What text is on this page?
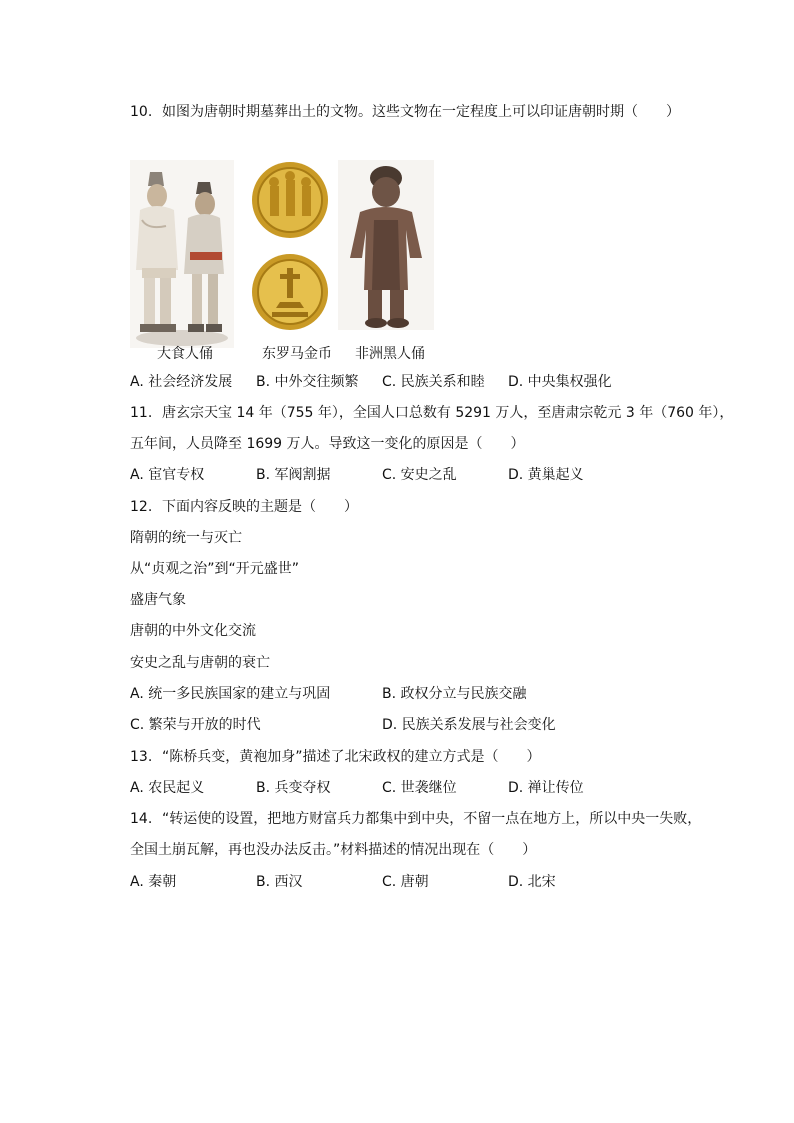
10. 如图为唐朝时期墓葬出土的文物。这些文物在一定程度上可以印证唐朝时期（　　）
大食人俑	东罗马金币 非洲黑人俑
A. 社会经济发展 B. 中外交往频繁 C. 民族关系和睦 D. 中央集权强化
11. 唐玄宗天宝 14 年（755 年），全国人口总数有 5291 万人，至唐肃宗乾元 3 年（760 年），
五年间，人员降至 1699 万人。导致这一变化的原因是（　　）
A. 宦官专权	B. 军阀割据	C. 安史之乱	D. 黄巢起义
12. 下面内容反映的主题是（　　）
隋朝的统一与灭亡
从“贞观之治”到“开元盛世”
盛唐气象
唐朝的中外文化交流
安史之乱与唐朝的衰亡
A. 统一多民族国家的建立与巩固	B. 政权分立与民族交融
C. 繁荣与开放的时代	D. 民族关系发展与社会变化
13. “陈桥兵变，黄袍加身”描述了北宋政权的建立方式是（　　）
A. 农民起义	B. 兵变夺权	C. 世袭继位	D. 禅让传位
14. “转运使的设置，把地方财富兵力都集中到中央，不留一点在地方上，所以中央一失败，
全国土崩瓦解，再也没办法反击。”材料描述的情况出现在（　　）
A. 秦朝	B. 西汉	C. 唐朝	D. 北宋
